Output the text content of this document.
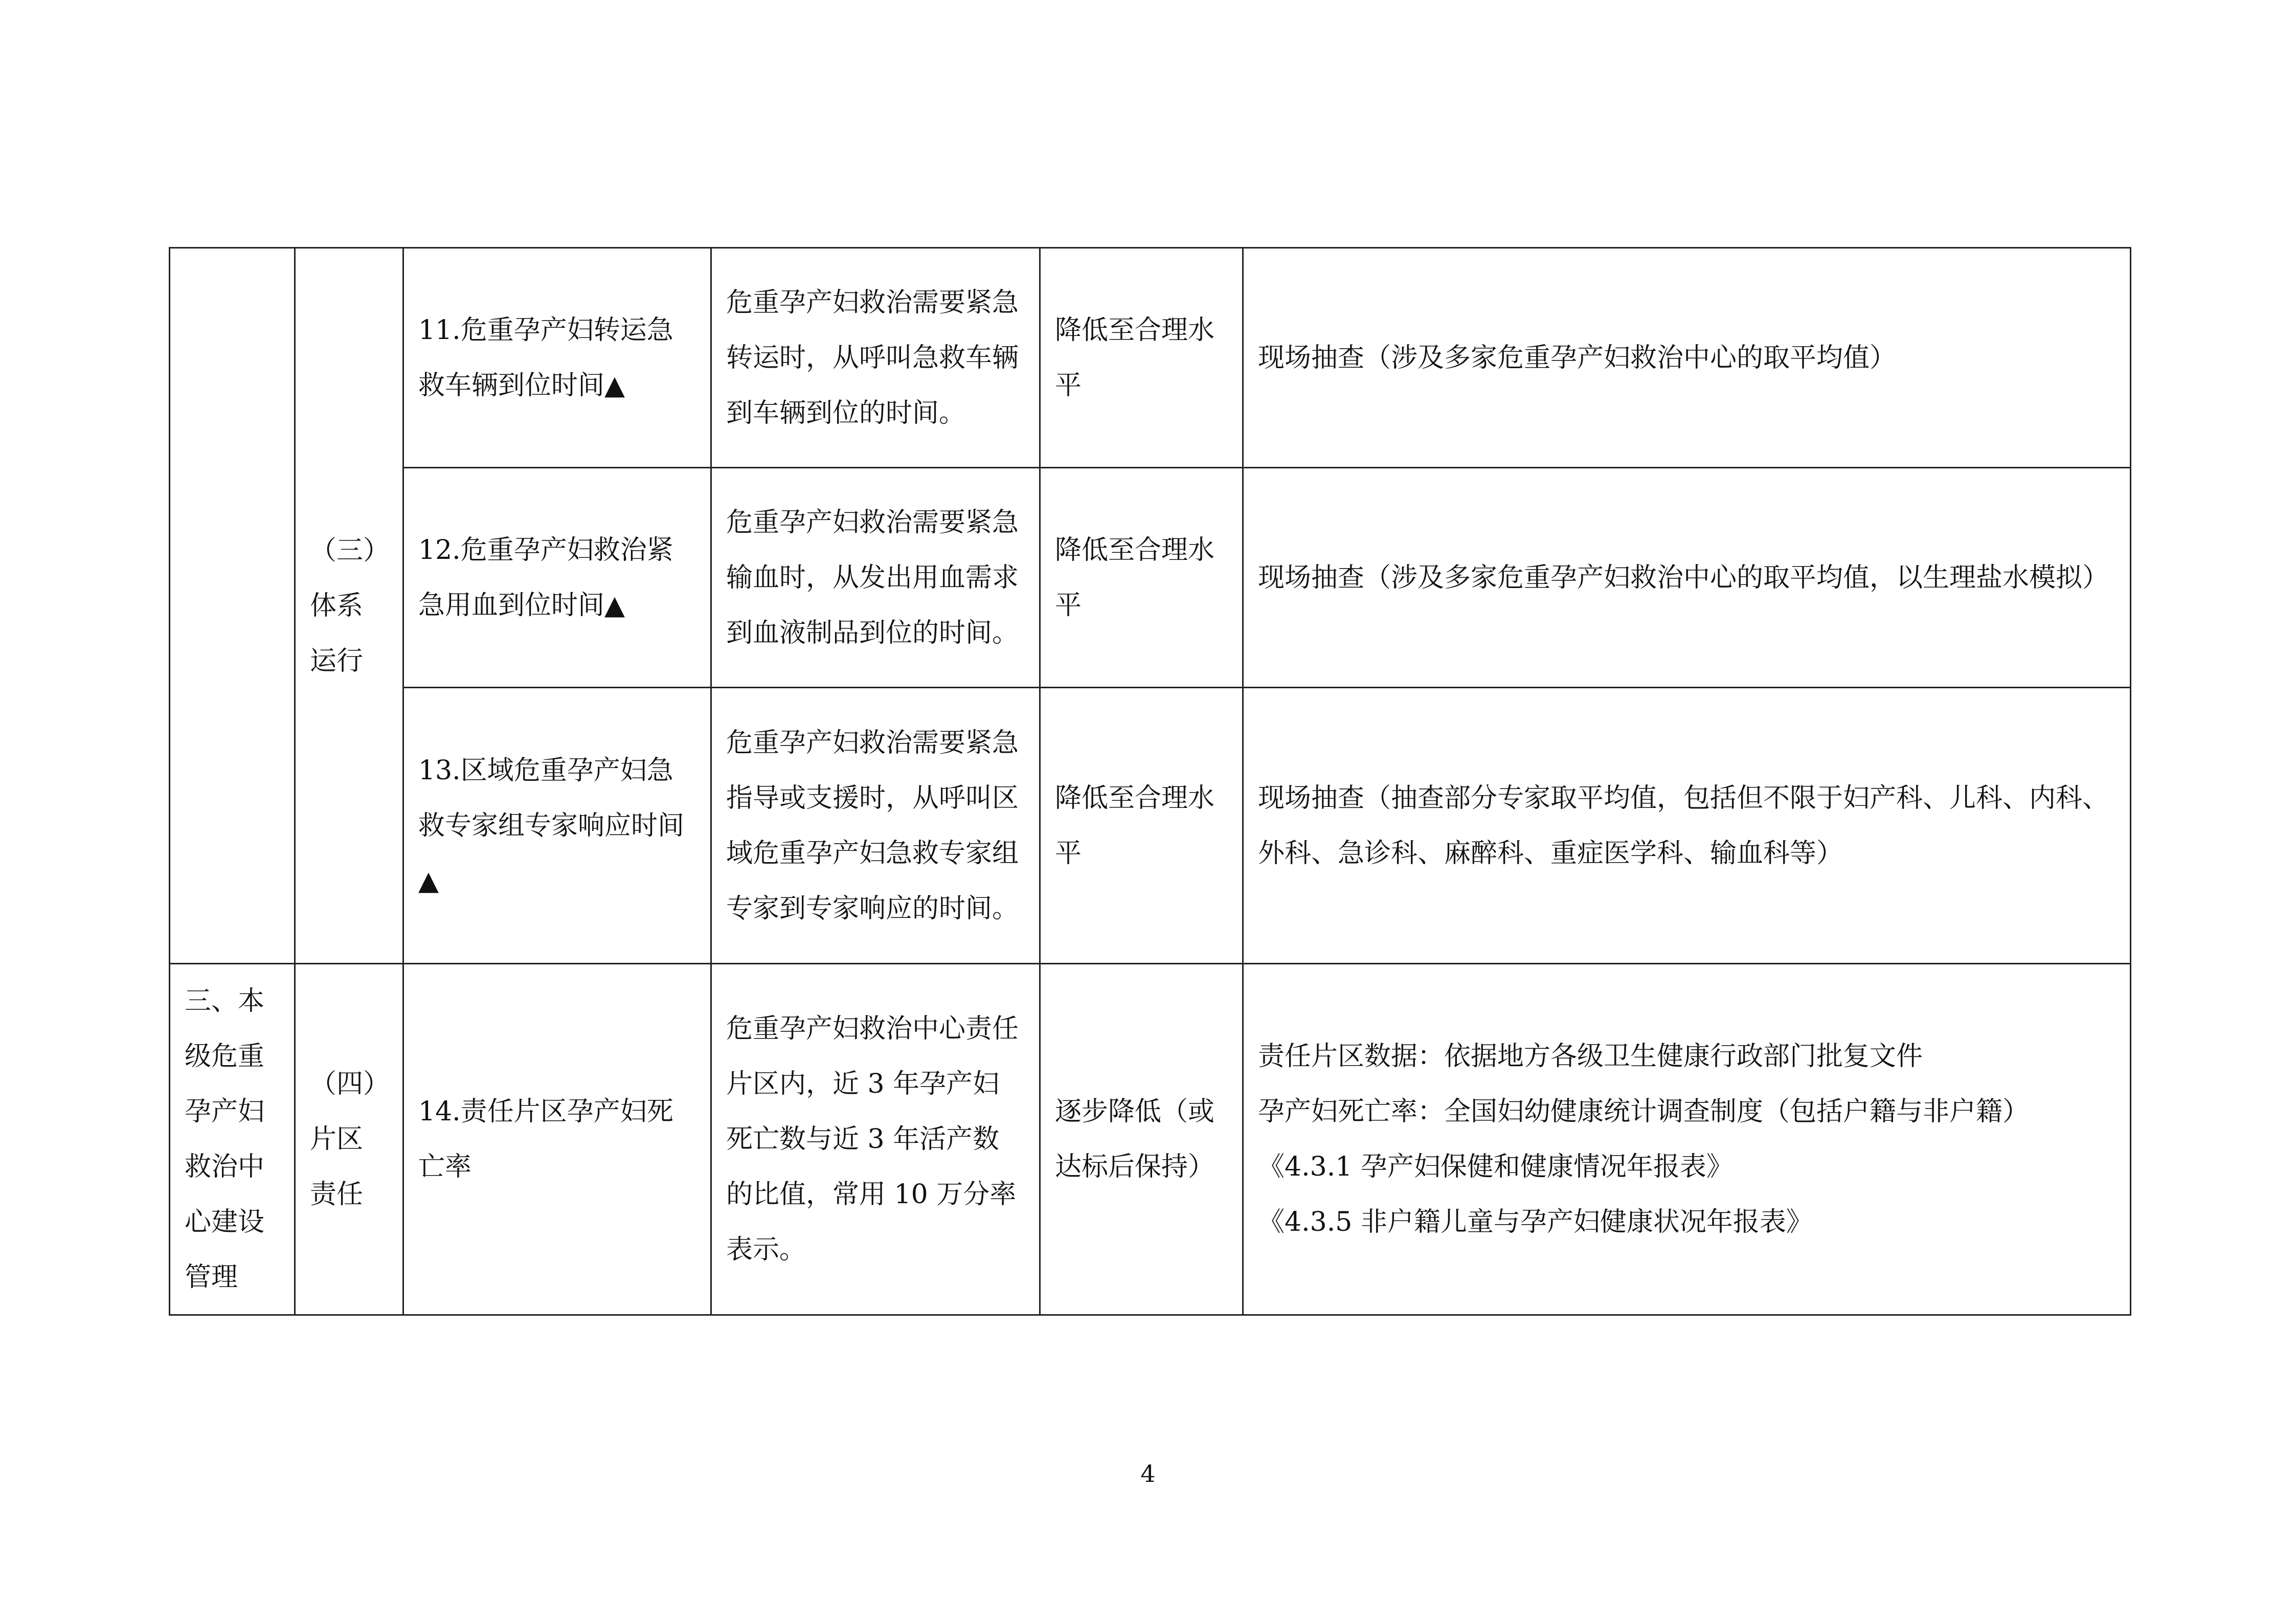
	（三）体系运行	11.危重孕产妇转运急救车辆到位时间▲	危重孕产妇救治需要紧急转运时，从呼叫急救车辆到车辆到位的时间。	降低至合理水平	现场抽查（涉及多家危重孕产妇救治中心的取平均值）
		12.危重孕产妇救治紧急用血到位时间▲	危重孕产妇救治需要紧急输血时，从发出用血需求到血液制品到位的时间。	降低至合理水平	现场抽查（涉及多家危重孕产妇救治中心的取平均值，以生理盐水模拟）
		13.区域危重孕产妇急救专家组专家响应时间▲	危重孕产妇救治需要紧急指导或支援时，从呼叫区域危重孕产妇急救专家组专家到专家响应的时间。	降低至合理水平	现场抽查（抽查部分专家取平均值，包括但不限于妇产科、儿科、内科、外科、急诊科、麻醉科、重症医学科、输血科等）
三、本级危重孕产妇救治中心建设管理	（四）片区责任	14.责任片区孕产妇死亡率	危重孕产妇救治中心责任片区内，近 3 年孕产妇死亡数与近 3 年活产数的比值，常用 10 万分率表示。	逐步降低（或达标后保持）	责任片区数据：依据地方各级卫生健康行政部门批复文件
孕产妇死亡率：全国妇幼健康统计调查制度（包括户籍与非户籍）
《4.3.1 孕产妇保健和健康情况年报表》
《4.3.5 非户籍儿童与孕产妇健康状况年报表》
4
